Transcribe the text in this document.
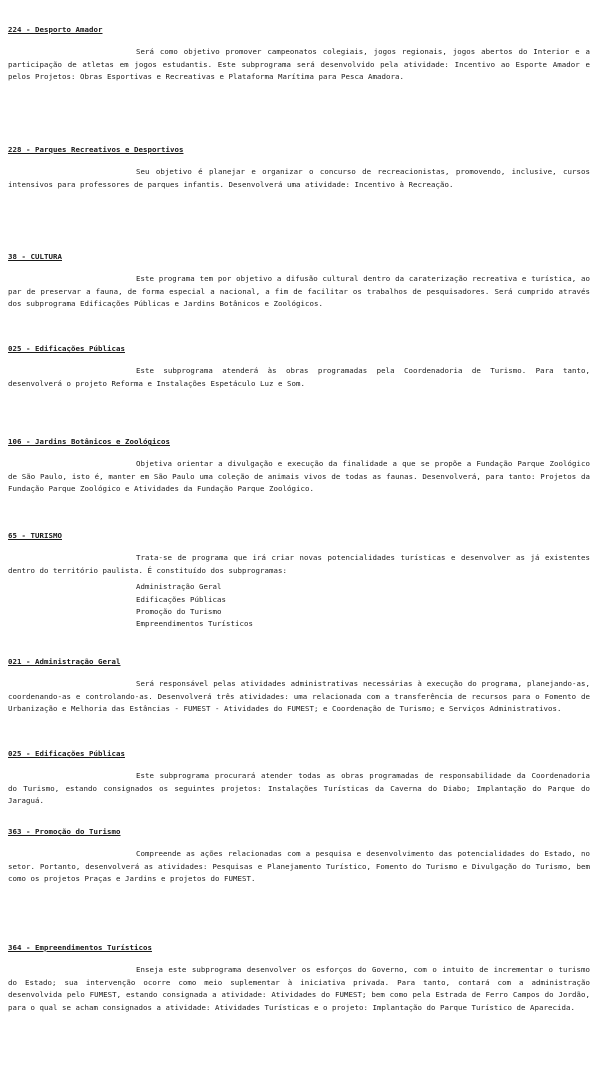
224 - Desporto Amador

Será como objetivo promover campeonatos colegiais, jogos regionais, jogos abertos do Interior e a participação de atletas em jogos estudantis. Este subprograma será desenvolvido pela atividade: Incentivo ao Esporte Amador e pelos Projetos: Obras Esportivas e Recreativas e Plataforma Marítima para Pesca Amadora.

228 - Parques Recreativos e Desportivos

Seu objetivo é planejar e organizar o concurso de recreacionistas, promovendo, inclusive, cursos intensivos para professores de parques infantis. Desenvolverá uma atividade: Incentivo à Recreação.

38 - CULTURA

Este programa tem por objetivo a difusão cultural dentro da caraterização recreativa e turística, ao par de preservar a fauna, de forma especial a nacional, a fim de facilitar os trabalhos de pesquisadores. Será cumprido através dos subprograma Edificações Públicas e Jardins Botânicos e Zoológicos.

025 - Edificações Públicas

Este subprograma atenderá às obras programadas pela Coordenadoria de Turismo. Para tanto, desenvolverá o projeto Reforma e Instalações Espetáculo Luz e Som.

106 - Jardins Botânicos e Zoológicos

Objetiva orientar a divulgação e execução da finalidade a que se propõe a Fundação Parque Zoológico de São Paulo, isto é, manter em São Paulo uma coleção de animais vivos de todas as faunas. Desenvolverá, para tanto: Projetos da Fundação Parque Zoológico e Atividades da Fundação Parque Zoológico.

65 - TURISMO

Trata-se de programa que irá criar novas potencialidades turísticas e desenvolver as já existentes dentro do território paulista. É constituído dos subprogramas:

Administração Geral
Edificações Públicas
Promoção do Turismo
Empreendimentos Turísticos
021 - Administração Geral

Será responsável pelas atividades administrativas necessárias à execução do programa, planejando-as, coordenando-as e controlando-as. Desenvolverá três atividades: uma relacionada com a transferência de recursos para o Fomento de Urbanização e Melhoria das Estâncias - FUMEST - Atividades do FUMEST; e Coordenação de Turismo; e Serviços Administrativos.

025 - Edificações Públicas

Este subprograma procurará atender todas as obras programadas de responsabilidade da Coordenadoria do Turismo, estando consignados os seguintes projetos: Instalações Turísticas da Caverna do Diabo; Implantação do Parque do Jaraguá.

363 - Promoção do Turismo

Compreende as ações relacionadas com a pesquisa e desenvolvimento das potencialidades do Estado, no setor. Portanto, desenvolverá as atividades: Pesquisas e Planejamento Turístico, Fomento do Turismo e Divulgação do Turismo, bem como os projetos Praças e Jardins e projetos do FUMEST.

364 - Empreendimentos Turísticos

Enseja este subprograma desenvolver os esforços do Governo, com o intuito de incrementar o turismo do Estado; sua intervenção ocorre como meio suplementar à iniciativa privada. Para tanto, contará com a administração desenvolvida pelo FUMEST, estando consignada a atividade: Atividades do FUMEST; bem como pela Estrada de Ferro Campos do Jordão, para o qual se acham consignados a atividade: Atividades Turísticas e o projeto: Implantação do Parque Turístico de Aparecida.
